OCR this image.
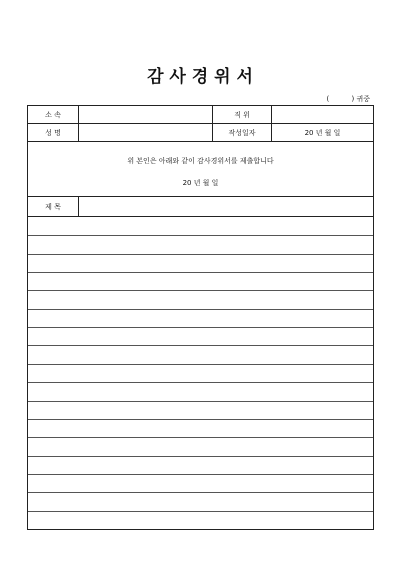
감 사 경 위 서
(          ) 귀중
소 속	직 위
성 명	작성일자	20 년 월 일
위 본인은 아래와 같이 감사경위서를 제출합니다
20 년 월 일
제 목
